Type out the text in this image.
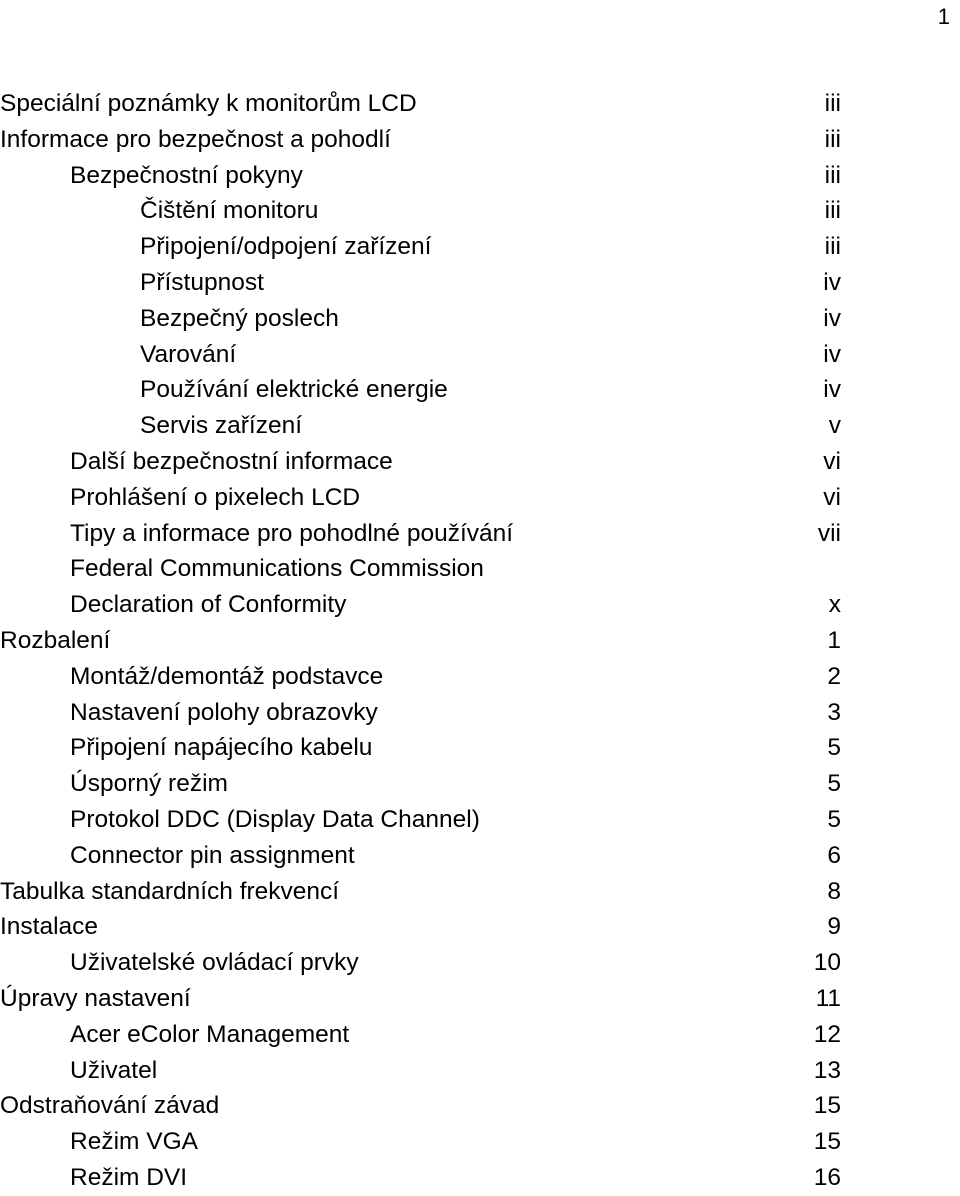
1
Speciální poznámky k monitorům LCD	iii
Informace pro bezpečnost a pohodlí	iii
Bezpečnostní pokyny	iii
Čištění monitoru	iii
Připojení/odpojení zařízení	iii
Přístupnost	iv
Bezpečný poslech	iv
Varování	iv
Používání elektrické energie	iv
Servis zařízení	v
Další bezpečnostní informace	vi
Prohlášení o pixelech LCD	vi
Tipy a informace pro pohodlné používání	vii
Federal Communications Commission
Declaration of Conformity	x
Rozbalení	1
Montáž/demontáž podstavce	2
Nastavení polohy obrazovky	3
Připojení napájecího kabelu	5
Úsporný režim	5
Protokol DDC (Display Data Channel)	5
Connector pin assignment	6
Tabulka standardních frekvencí	8
Instalace	9
Uživatelské ovládací prvky	10
Úpravy nastavení	11
Acer eColor Management	12
Uživatel	13
Odstraňování závad	15
Režim VGA	15
Režim DVI	16
